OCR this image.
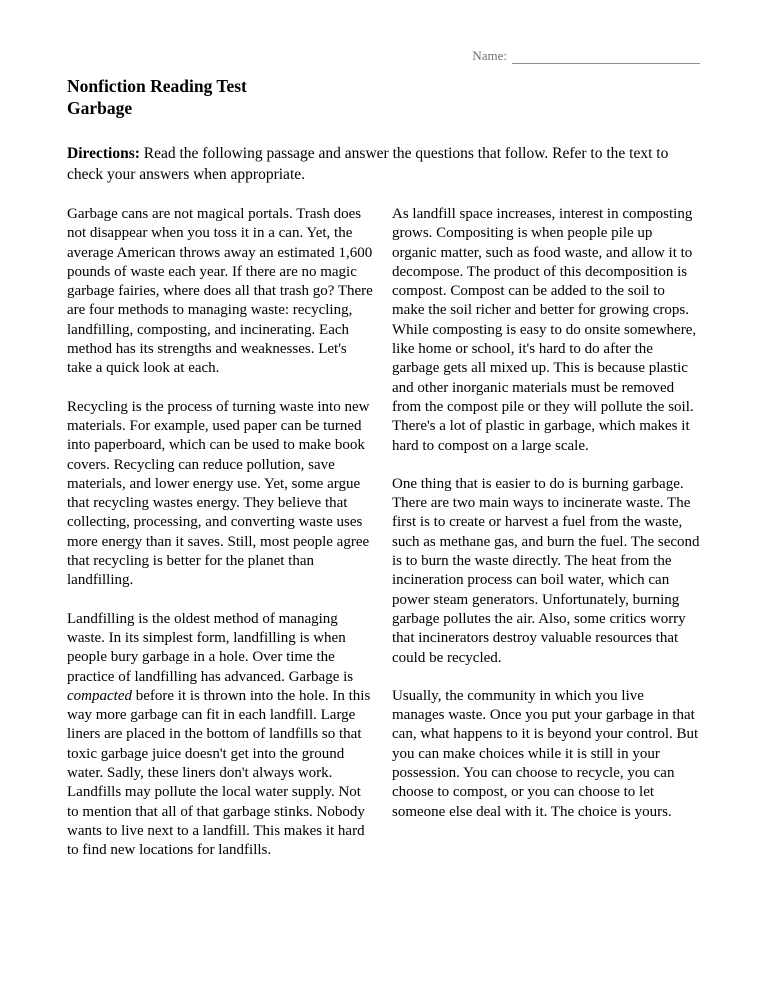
Name:
Nonfiction Reading Test
Garbage

Directions: Read the following passage and answer the questions that follow. Refer to the text to check your answers when appropriate.

Garbage cans are not magical portals. Trash does not disappear when you toss it in a can. Yet, the average American throws away an estimated 1,600 pounds of waste each year. If there are no magic garbage fairies, where does all that trash go? There are four methods to managing waste: recycling, landfilling, composting, and incinerating. Each method has its strengths and weaknesses. Let's take a quick look at each.

Recycling is the process of turning waste into new materials. For example, used paper can be turned into paperboard, which can be used to make book covers. Recycling can reduce pollution, save materials, and lower energy use. Yet, some argue that recycling wastes energy. They believe that collecting, processing, and converting waste uses more energy than it saves. Still, most people agree that recycling is better for the planet than landfilling.

Landfilling is the oldest method of managing waste. In its simplest form, landfilling is when people bury garbage in a hole. Over time the practice of landfilling has advanced. Garbage is compacted before it is thrown into the hole. In this way more garbage can fit in each landfill. Large liners are placed in the bottom of landfills so that toxic garbage juice doesn't get into the ground water. Sadly, these liners don't always work. Landfills may pollute the local water supply. Not to mention that all of that garbage stinks. Nobody wants to live next to a landfill. This makes it hard to find new locations for landfills.

As landfill space increases, interest in composting grows. Compositing is when people pile up organic matter, such as food waste, and allow it to decompose. The product of this decomposition is compost. Compost can be added to the soil to make the soil richer and better for growing crops. While composting is easy to do onsite somewhere, like home or school, it's hard to do after the garbage gets all mixed up. This is because plastic and other inorganic materials must be removed from the compost pile or they will pollute the soil. There's a lot of plastic in garbage, which makes it hard to compost on a large scale.

One thing that is easier to do is burning garbage. There are two main ways to incinerate waste. The first is to create or harvest a fuel from the waste, such as methane gas, and burn the fuel. The second is to burn the waste directly. The heat from the incineration process can boil water, which can power steam generators. Unfortunately, burning garbage pollutes the air. Also, some critics worry that incinerators destroy valuable resources that could be recycled.

Usually, the community in which you live manages waste. Once you put your garbage in that can, what happens to it is beyond your control. But you can make choices while it is still in your possession. You can choose to recycle, you can choose to compost, or you can choose to let someone else deal with it. The choice is yours.
